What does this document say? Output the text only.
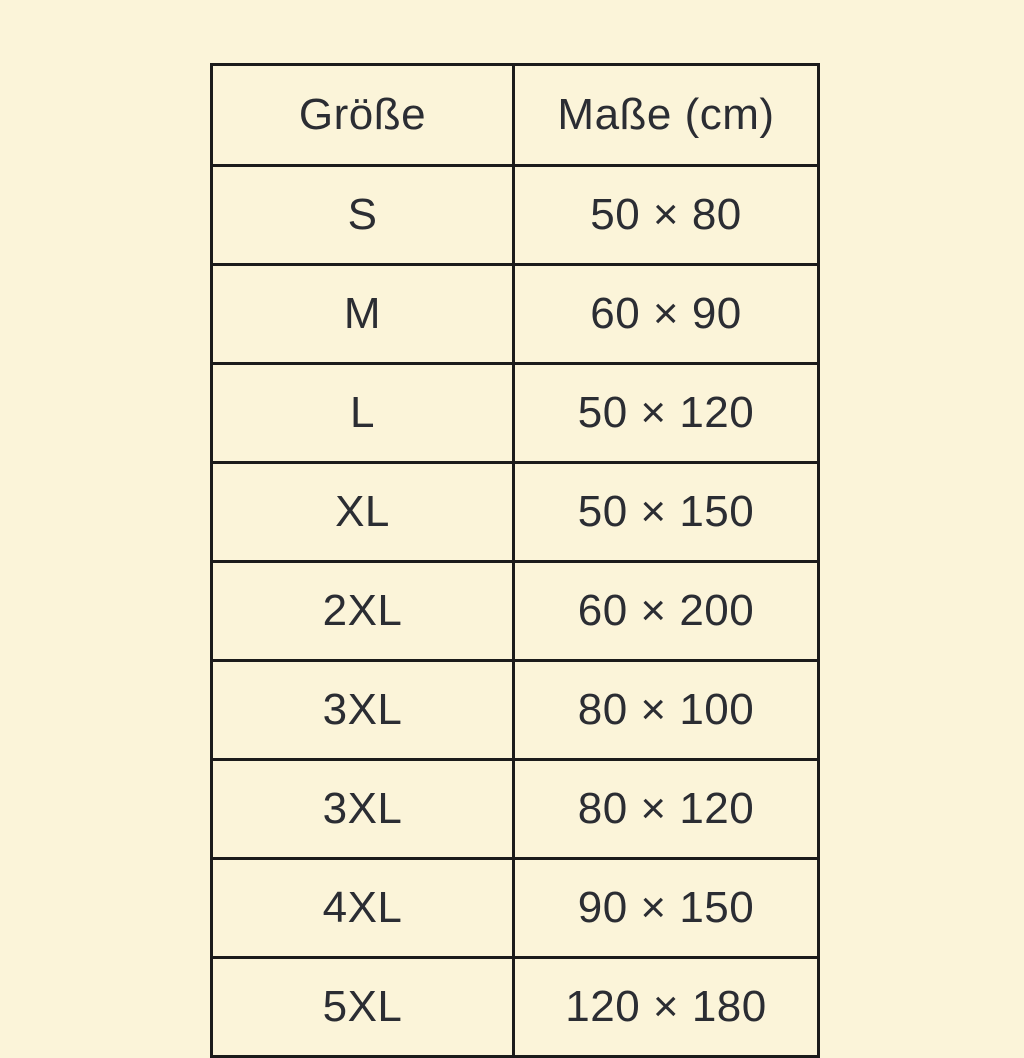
Größe	Maße (cm)
S	50 × 80
M	60 × 90
L	50 × 120
XL	50 × 150
2XL	60 × 200
3XL	80 × 100
3XL	80 × 120
4XL	90 × 150
5XL	120 × 180
